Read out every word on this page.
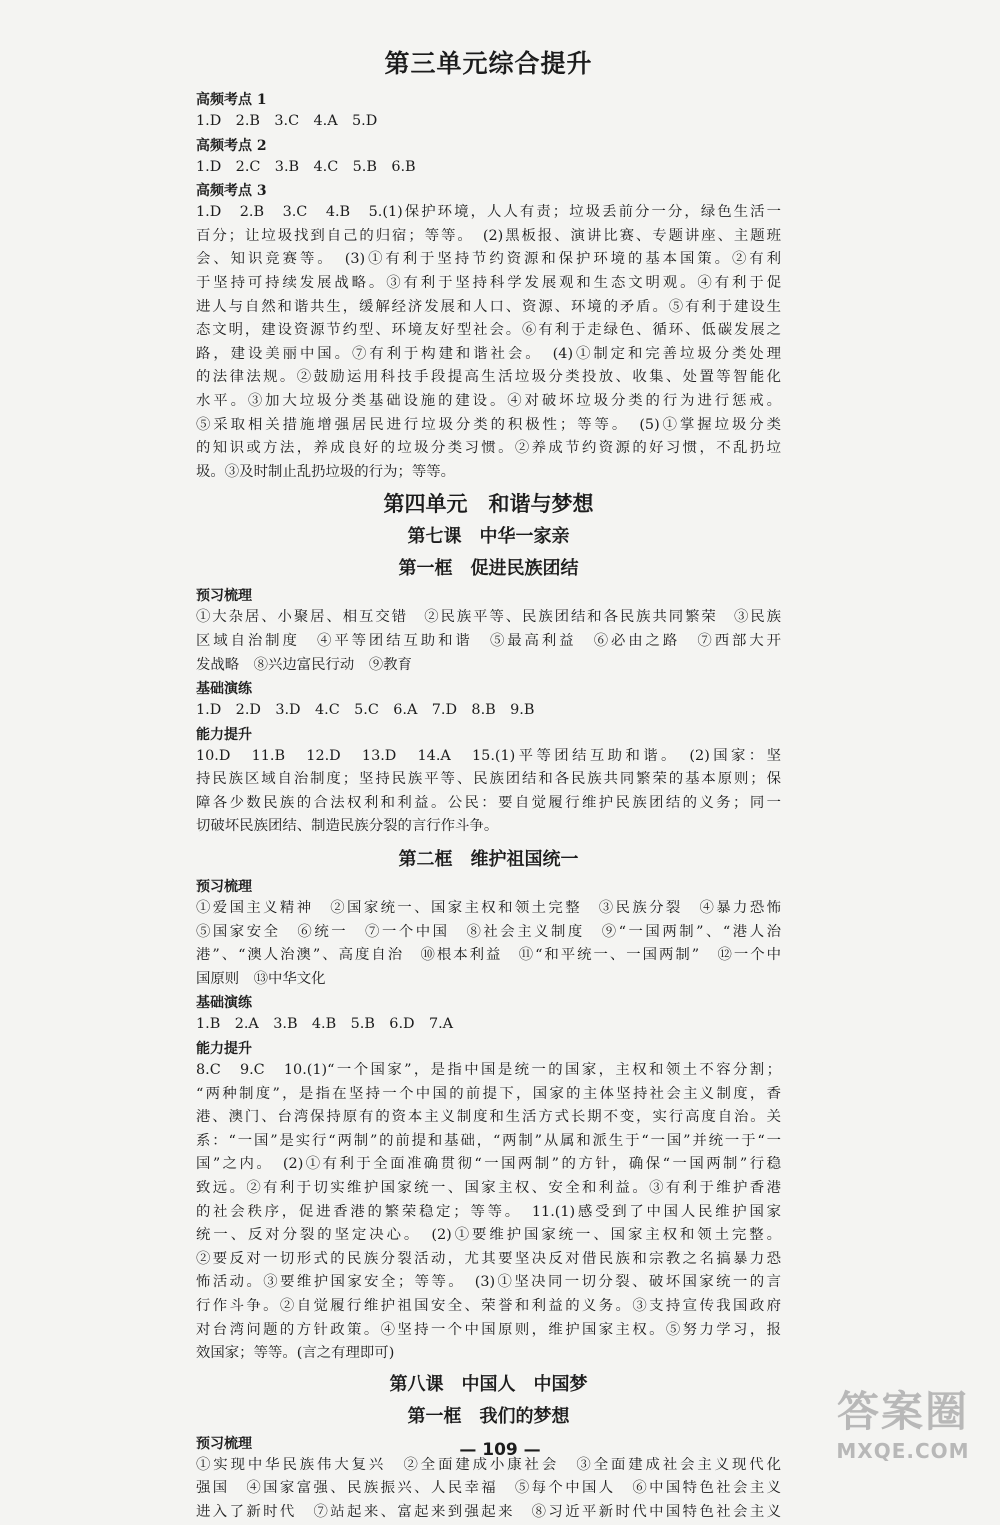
第三单元综合提升
高频考点 1
1.D　2.B　3.C　4.A　5.D
高频考点 2
1.D　2.C　3.B　4.C　5.B　6.B
高频考点 3
1.D　2.B　3.C　4.B　5.(1)保护环境，人人有责；垃圾丢前分一分，绿色生活一
百分；让垃圾找到自己的归宿；等等。　(2)黑板报、演讲比赛、专题讲座、主题班
会、知识竞赛等。　(3)①有利于坚持节约资源和保护环境的基本国策。②有利
于坚持可持续发展战略。③有利于坚持科学发展观和生态文明观。④有利于促
进人与自然和谐共生，缓解经济发展和人口、资源、环境的矛盾。⑤有利于建设生
态文明，建设资源节约型、环境友好型社会。⑥有利于走绿色、循环、低碳发展之
路，建设美丽中国。⑦有利于构建和谐社会。　(4)①制定和完善垃圾分类处理
的法律法规。②鼓励运用科技手段提高生活垃圾分类投放、收集、处置等智能化
水平。③加大垃圾分类基础设施的建设。④对破坏垃圾分类的行为进行惩戒。
⑤采取相关措施增强居民进行垃圾分类的积极性；等等。　(5)①掌握垃圾分类
的知识或方法，养成良好的垃圾分类习惯。②养成节约资源的好习惯，不乱扔垃
圾。③及时制止乱扔垃圾的行为；等等。
第四单元　和谐与梦想
第七课　中华一家亲
第一框　促进民族团结
预习梳理
①大杂居、小聚居、相互交错　②民族平等、民族团结和各民族共同繁荣　③民族
区域自治制度　④平等团结互助和谐　⑤最高利益　⑥必由之路　⑦西部大开
发战略　⑧兴边富民行动　⑨教育
基础演练
1.D　2.D　3.D　4.C　5.C　6.A　7.D　8.B　9.B
能力提升
10.D　11.B　12.D　13.D　14.A　15.(1)平等团结互助和谐。　(2)国家：坚
持民族区域自治制度；坚持民族平等、民族团结和各民族共同繁荣的基本原则；保
障各少数民族的合法权利和利益。公民：要自觉履行维护民族团结的义务；同一
切破坏民族团结、制造民族分裂的言行作斗争。
第二框　维护祖国统一
预习梳理
①爱国主义精神　②国家统一、国家主权和领土完整　③民族分裂　④暴力恐怖
⑤国家安全　⑥统一　⑦一个中国　⑧社会主义制度　⑨“一国两制”、“港人治
港”、“澳人治澳”、高度自治　⑩根本利益　⑪“和平统一、一国两制”　⑫一个中
国原则　⑬中华文化
基础演练
1.B　2.A　3.B　4.B　5.B　6.D　7.A
能力提升
8.C　9.C　10.(1)“一个国家”，是指中国是统一的国家，主权和领土不容分割；
“两种制度”，是指在坚持一个中国的前提下，国家的主体坚持社会主义制度，香
港、澳门、台湾保持原有的资本主义制度和生活方式长期不变，实行高度自治。关
系：“一国”是实行“两制”的前提和基础，“两制”从属和派生于“一国”并统一于“一
国”之内。　(2)①有利于全面准确贯彻“一国两制”的方针，确保“一国两制”行稳
致远。②有利于切实维护国家统一、国家主权、安全和利益。③有利于维护香港
的社会秩序，促进香港的繁荣稳定；等等。　11.(1)感受到了中国人民维护国家
统一、反对分裂的坚定决心。　(2)①要维护国家统一、国家主权和领土完整。
②要反对一切形式的民族分裂活动，尤其要坚决反对借民族和宗教之名搞暴力恐
怖活动。③要维护国家安全；等等。　(3)①坚决同一切分裂、破坏国家统一的言
行作斗争。②自觉履行维护祖国安全、荣誉和利益的义务。③支持宣传我国政府
对台湾问题的方针政策。④坚持一个中国原则，维护国家主权。⑤努力学习，报
效国家；等等。(言之有理即可)
第八课　中国人　中国梦
第一框　我们的梦想
预习梳理
①实现中华民族伟大复兴　②全面建成小康社会　③全面建成社会主义现代化
强国　④国家富强、民族振兴、人民幸福　⑤每个中国人　⑥中国特色社会主义
进入了新时代　⑦站起来、富起来到强起来　⑧习近平新时代中国特色社会主义
— 109 —
答案圈
MXQE.COM
